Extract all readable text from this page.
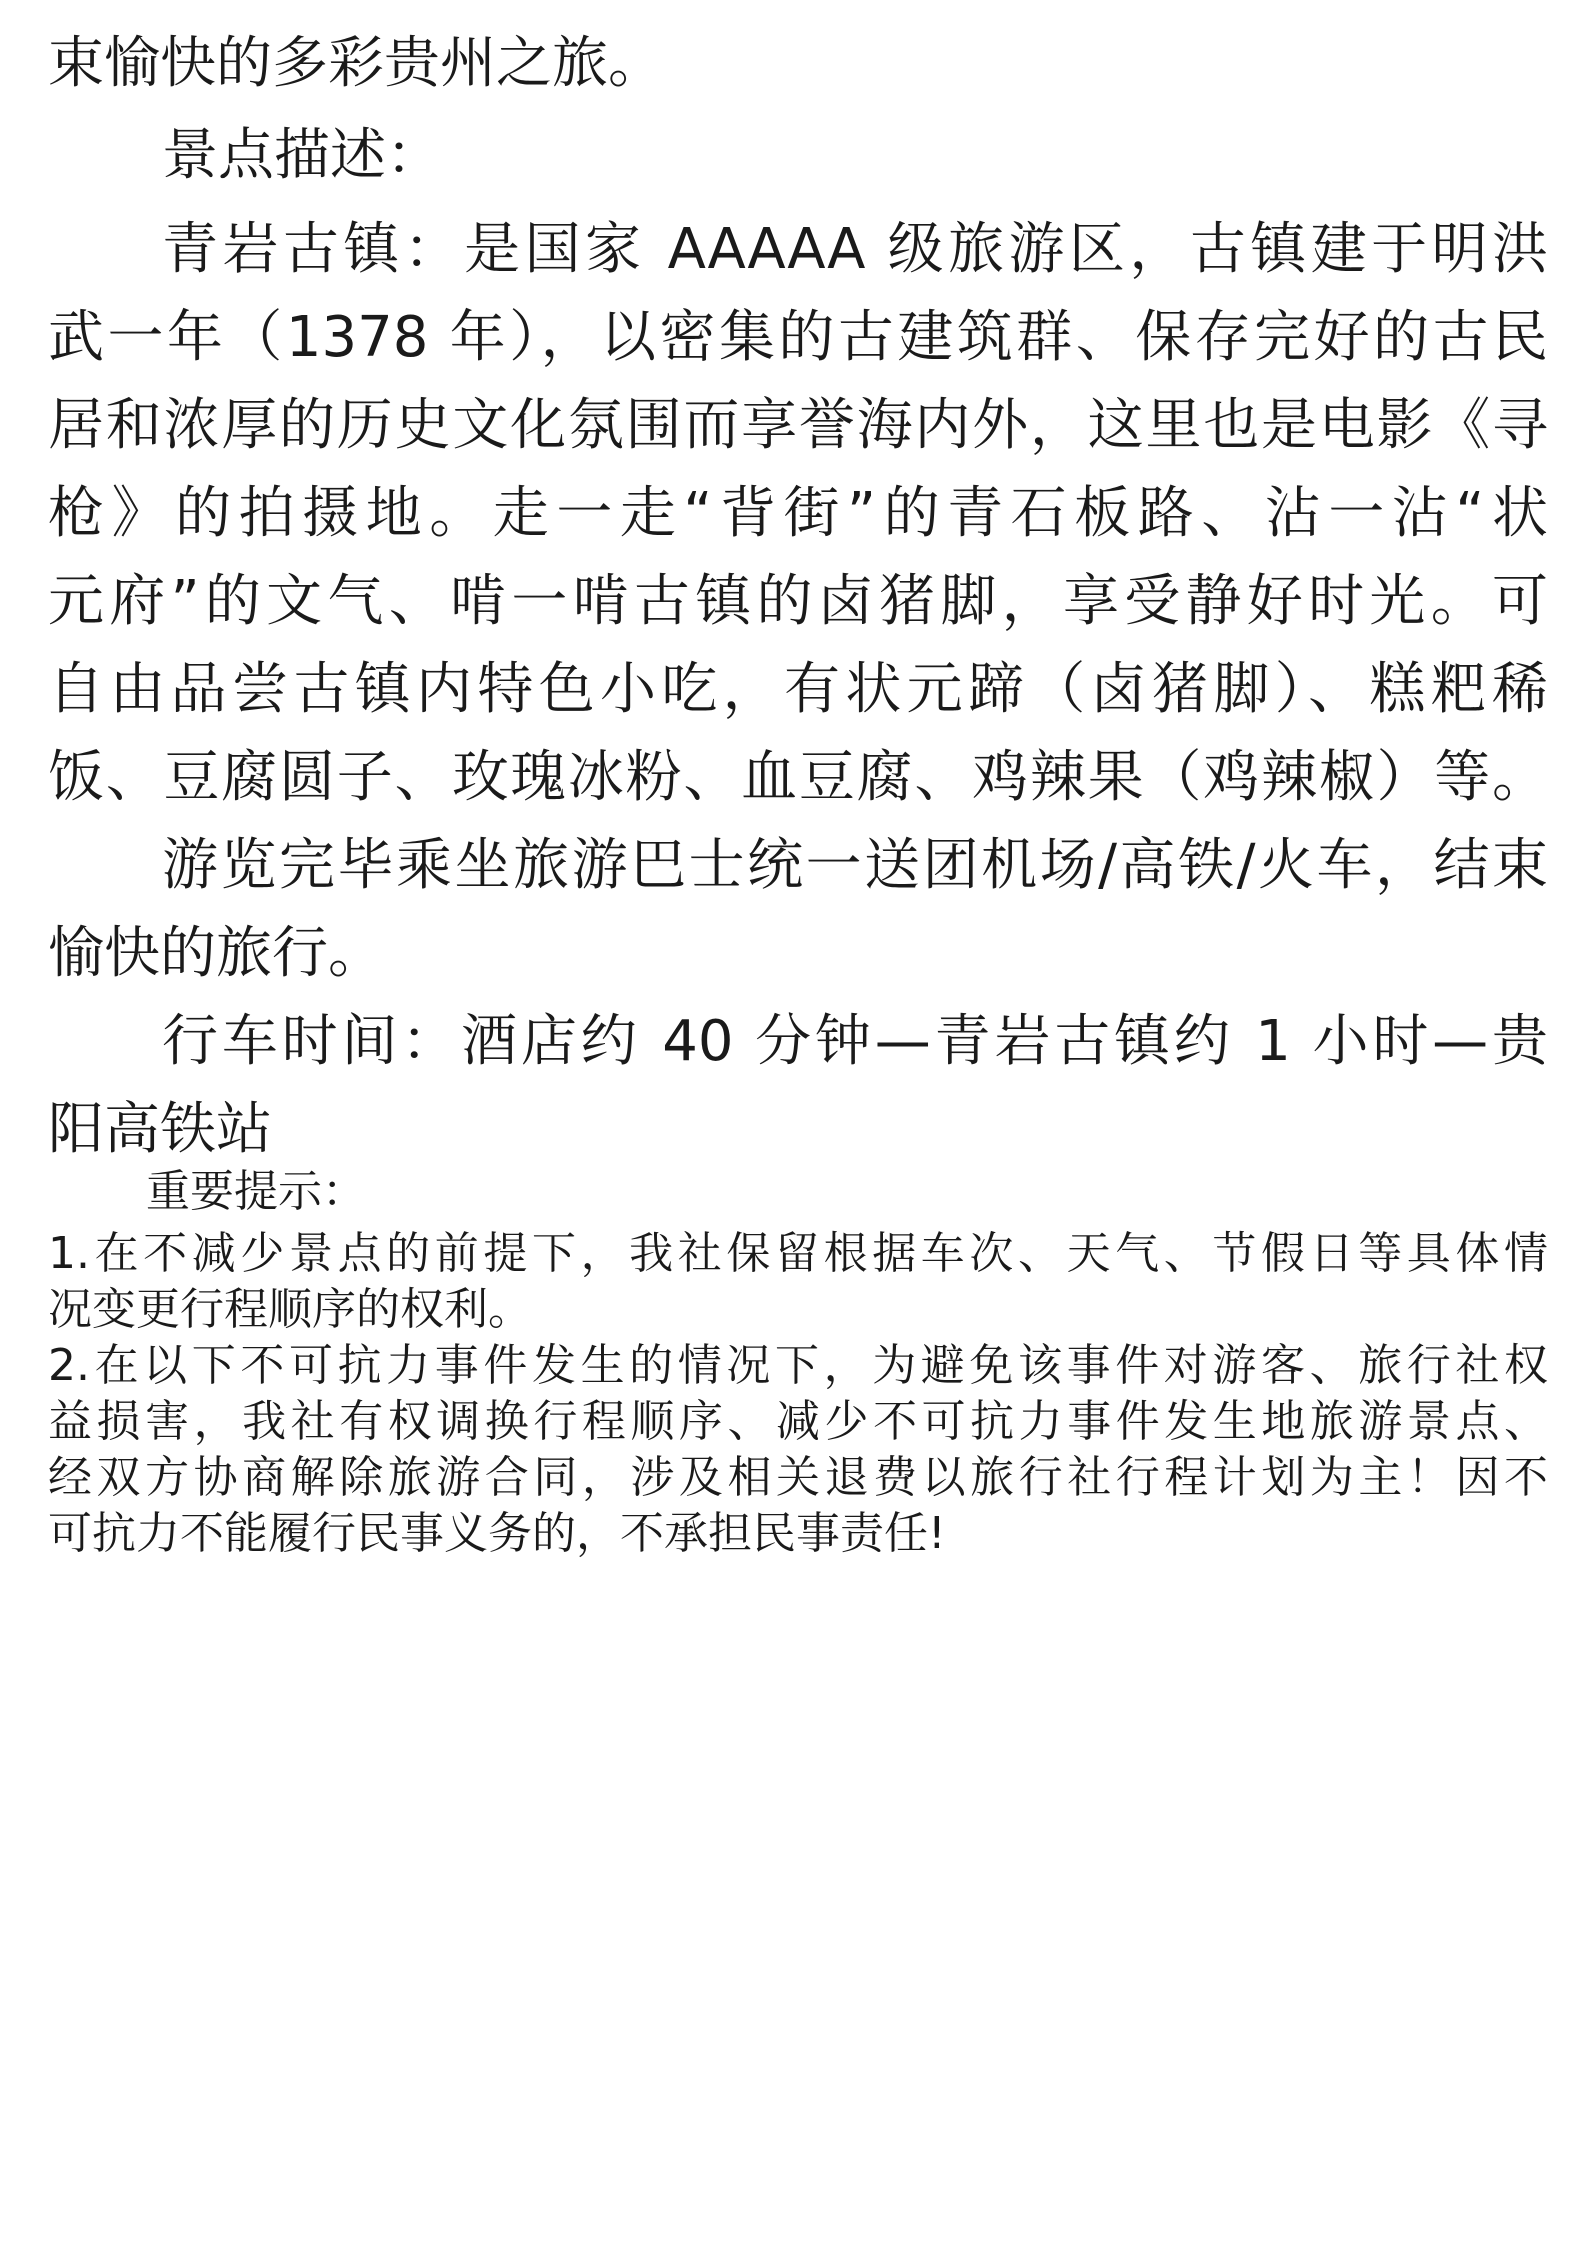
束愉快的多彩贵州之旅。

景点描述：

青岩古镇：是国家 AAAAA 级旅游区，古镇建于明洪

武一年（1378 年），以密集的古建筑群、保存完好的古民

居和浓厚的历史文化氛围而享誉海内外，这里也是电影《寻

枪》的拍摄地。走一走“背街”的青石板路、沾一沾“状

元府”的文气、啃一啃古镇的卤猪脚，享受静好时光。可

自由品尝古镇内特色小吃，有状元蹄（卤猪脚）、糕粑稀

饭、豆腐圆子、玫瑰冰粉、血豆腐、鸡辣果（鸡辣椒）等。

游览完毕乘坐旅游巴士统一送团机场/高铁/火车，结束

愉快的旅行。

行车时间：酒店约 40 分钟—青岩古镇约 1 小时—贵

阳高铁站

重要提示：

1.在不减少景点的前提下，我社保留根据车次、天气、节假日等具体情

况变更行程顺序的权利。

2.在以下不可抗力事件发生的情况下，为避免该事件对游客、旅行社权

益损害，我社有权调换行程顺序、减少不可抗力事件发生地旅游景点、

经双方协商解除旅游合同，涉及相关退费以旅行社行程计划为主！因不

可抗力不能履行民事义务的，不承担民事责任!
